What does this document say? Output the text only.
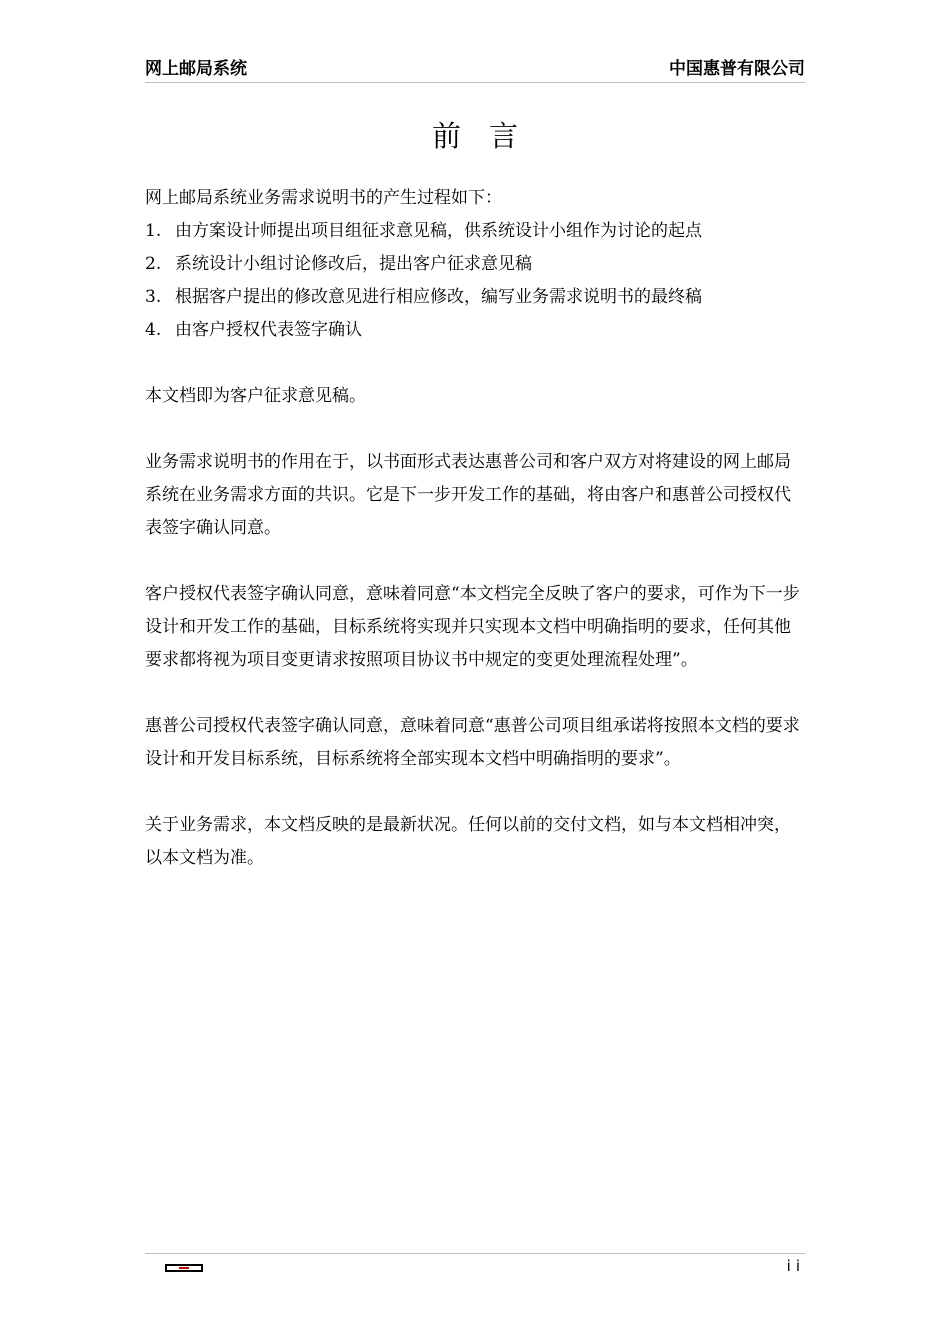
网上邮局系统	中国惠普有限公司
前言

网上邮局系统业务需求说明书的产生过程如下：

1. 由方案设计师提出项目组征求意见稿，供系统设计小组作为讨论的起点
2. 系统设计小组讨论修改后，提出客户征求意见稿
3. 根据客户提出的修改意见进行相应修改，编写业务需求说明书的最终稿
4. 由客户授权代表签字确认

本文档即为客户征求意见稿。

业务需求说明书的作用在于，以书面形式表达惠普公司和客户双方对将建设的网上邮局系统在业务需求方面的共识。它是下一步开发工作的基础，将由客户和惠普公司授权代表签字确认同意。

客户授权代表签字确认同意，意味着同意“本文档完全反映了客户的要求，可作为下一步设计和开发工作的基础，目标系统将实现并只实现本文档中明确指明的要求，任何其他要求都将视为项目变更请求按照项目协议书中规定的变更处理流程处理”。

惠普公司授权代表签字确认同意，意味着同意“惠普公司项目组承诺将按照本文档的要求设计和开发目标系统，目标系统将全部实现本文档中明确指明的要求”。

关于业务需求，本文档反映的是最新状况。任何以前的交付文档，如与本文档相冲突，以本文档为准。

ii
